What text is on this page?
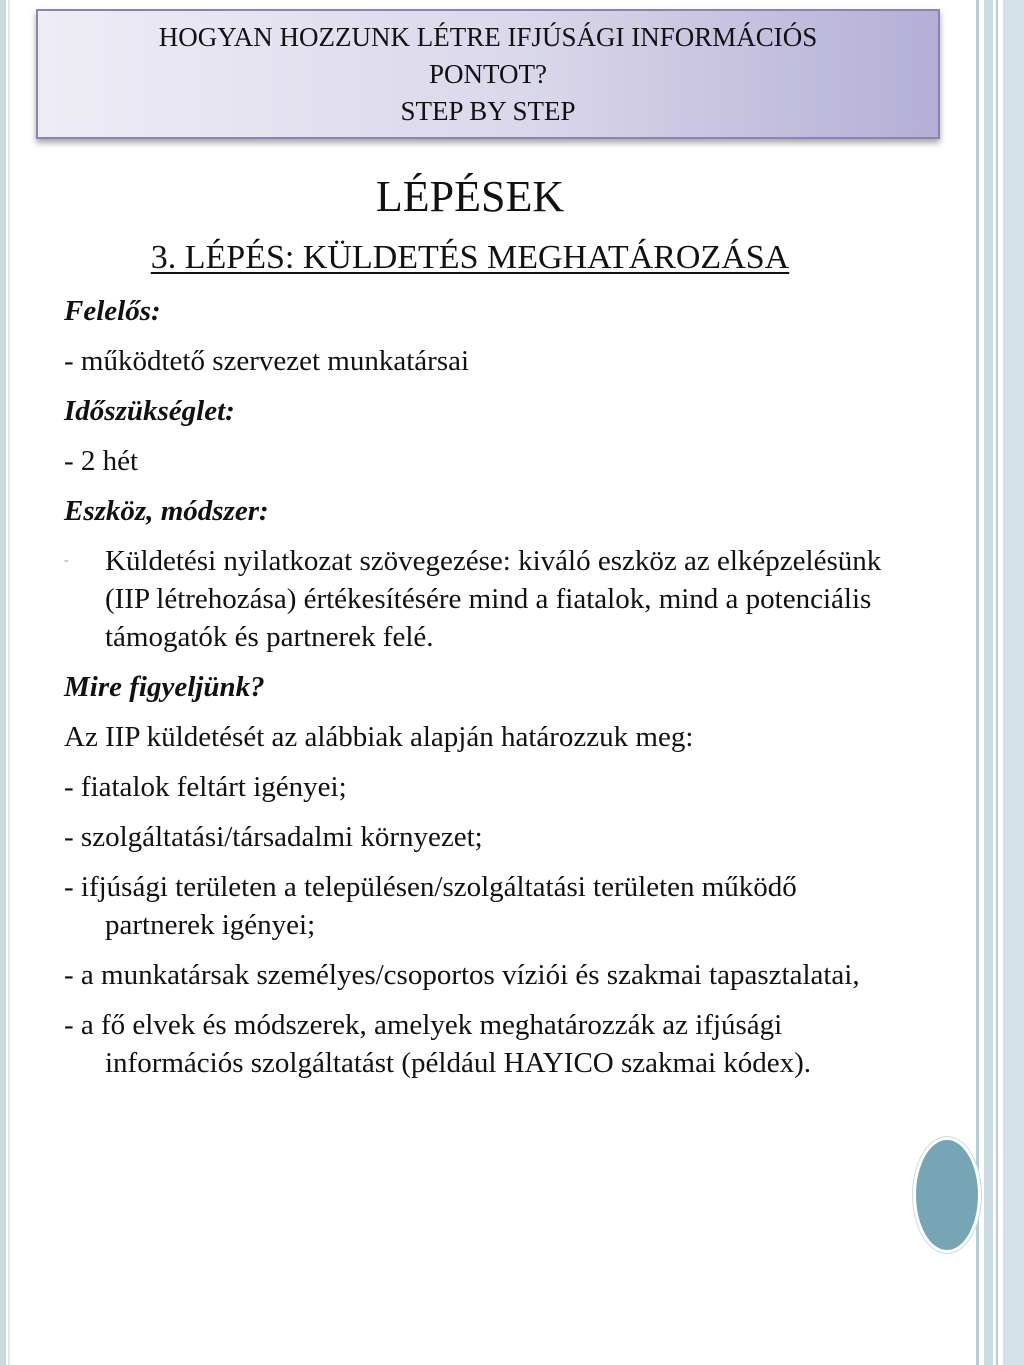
HOGYAN HOZZUNK LÉTRE IFJÚSÁGI INFORMÁCIÓS
PONTOT?
STEP BY STEP
LÉPÉSEK
3. LÉPÉS: KÜLDETÉS MEGHATÁROZÁSA

Felelős:

- működtető szervezet munkatársai

Időszükséglet:

- 2 hét

Eszköz, módszer:

- Küldetési nyilatkozat szövegezése: kiváló eszköz az elképzelésünk (IIP létrehozása) értékesítésére mind a fiatalok, mind a potenciális támogatók és partnerek felé.

Mire figyeljünk?

Az IIP küldetését az alábbiak alapján határozzuk meg:

- fiatalok feltárt igényei;

- szolgáltatási/társadalmi környezet;

- ifjúsági területen a településen/szolgáltatási területen működő partnerek igényei;

- a munkatársak személyes/csoportos víziói és szakmai tapasztalatai,

- a fő elvek és módszerek, amelyek meghatározzák az ifjúsági információs szolgáltatást (például HAYICO szakmai kódex).
